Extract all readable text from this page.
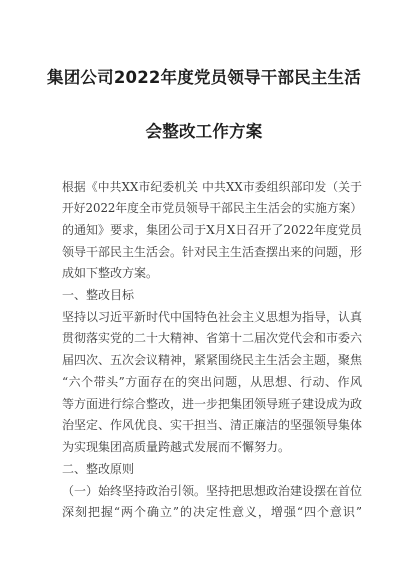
集团公司2022年度党员领导干部民主生活
会整改工作方案
根据《中共XX市纪委机关 中共XX市委组织部印发（关于
开好2022年度全市党员领导干部民主生活会的实施方案）
的通知》要求，集团公司于X月X日召开了2022年度党员
领导干部民主生活会。针对民主生活查摆出来的问题，形
成如下整改方案。
一、整改目标
坚持以习近平新时代中国特色社会主义思想为指导，认真
贯彻落实党的二十大精神、省第十二届次党代会和市委六
届四次、五次会议精神，紧紧围绕民主生活会主题，聚焦
“六个带头”方面存在的突出问题，从思想、行动、作风
等方面进行综合整改，进一步把集团领导班子建设成为政
治坚定、作风优良、实干担当、清正廉洁的坚强领导集体
为实现集团高质量跨越式发展而不懈努力。
二、整改原则
（一）始终坚持政治引领。坚持把思想政治建设摆在首位
深刻把握“两个确立”的决定性意义，增强“四个意识”
